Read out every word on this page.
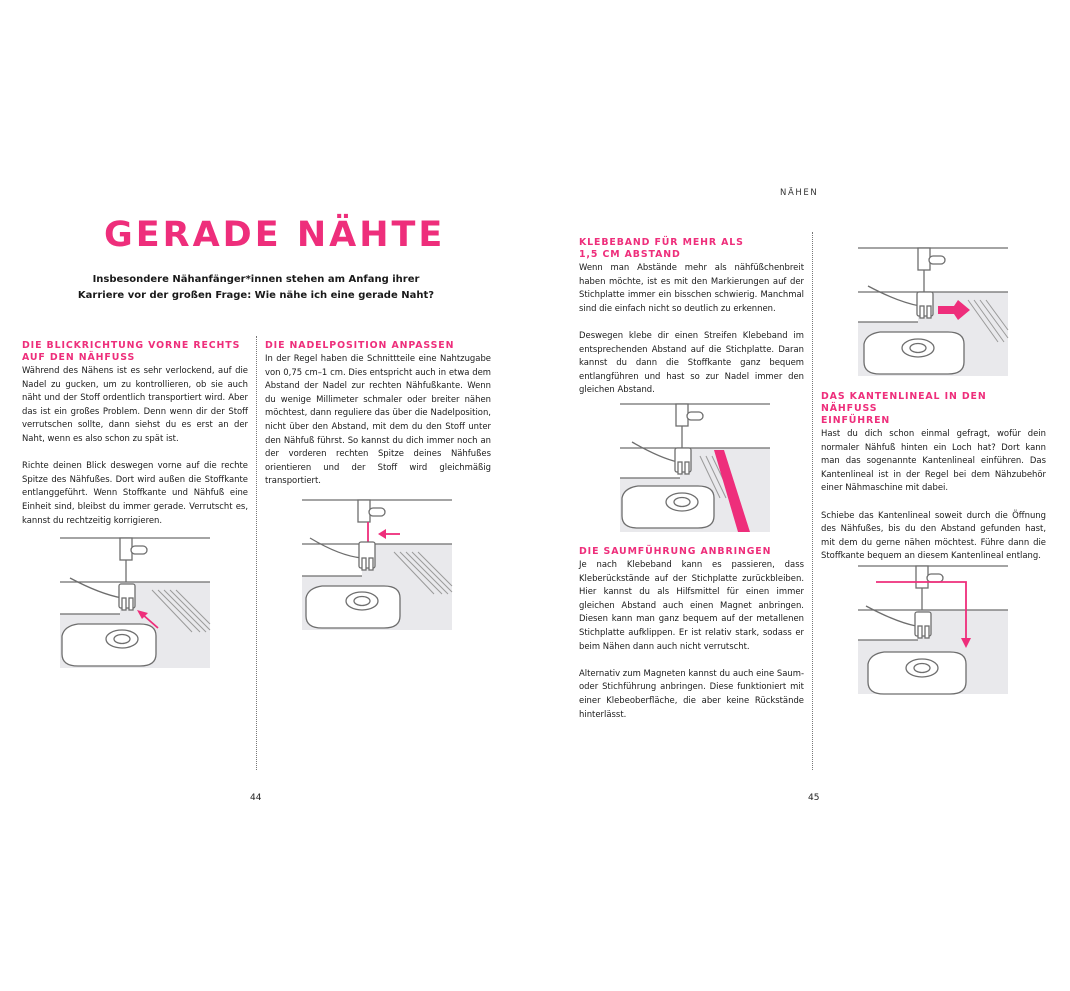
GERADE NÄHTE
Insbesondere Nähanfänger*innen stehen am Anfang ihrer Karriere vor der großen Frage: Wie nähe ich eine gerade Naht?
DIE BLICKRICHTUNG VORNE RECHTS
AUF DEN NÄHFUSS

Während des Nähens ist es sehr verlockend, auf die Nadel zu gucken, um zu kontrollieren, ob sie auch näht und der Stoff ordentlich transportiert wird. Aber das ist ein großes Problem. Denn wenn dir der Stoff verrutschen sollte, dann siehst du es erst an der Naht, wenn es also schon zu spät ist.

Richte deinen Blick deswegen vorne auf die rechte Spitze des Nähfußes. Dort wird außen die Stoffkante entlanggeführt. Wenn Stoffkante und Nähfuß eine Einheit sind, bleibst du immer gerade. Verrutscht es, kannst du rechtzeitig korrigieren.

DIE NADELPOSITION ANPASSEN

In der Regel haben die Schnittteile eine Nahtzugabe von 0,75 cm–1 cm. Dies entspricht auch in etwa dem Abstand der Nadel zur rechten Nähfußkante. Wenn du wenige Millimeter schmaler oder breiter nähen möchtest, dann reguliere das über die Nadelposition, nicht über den Abstand, mit dem du den Stoff unter den Nähfuß führst. So kannst du dich immer noch an der vorderen rechten Spitze deines Nähfußes orientieren und der Stoff wird gleichmäßig transportiert.

44
NÄHEN
KLEBEBAND FÜR MEHR ALS
1,5 CM ABSTAND

Wenn man Abstände mehr als nähfüßchenbreit haben möchte, ist es mit den Markierungen auf der Stichplatte immer ein bisschen schwierig. Manchmal sind die einfach nicht so deutlich zu erkennen.

Deswegen klebe dir einen Streifen Klebeband im entsprechenden Abstand auf die Stichplatte. Daran kannst du dann die Stoffkante ganz bequem entlangführen und hast so zur Nadel immer den gleichen Abstand.

DIE SAUMFÜHRUNG ANBRINGEN

Je nach Klebeband kann es passieren, dass Kleberückstände auf der Stichplatte zurückbleiben. Hier kannst du als Hilfsmittel für einen immer gleichen Abstand auch einen Magnet anbringen. Diesen kann man ganz bequem auf der metallenen Stichplatte aufklippen. Er ist relativ stark, sodass er beim Nähen dann auch nicht verrutscht.

Alternativ zum Magneten kannst du auch eine Saum- oder Stichführung anbringen. Diese funktioniert mit einer Klebeoberfläche, die aber keine Rückstände hinterlässt.

DAS KANTENLINEAL IN DEN NÄHFUSS
EINFÜHREN

Hast du dich schon einmal gefragt, wofür dein normaler Nähfuß hinten ein Loch hat? Dort kann man das sogenannte Kantenlineal einführen. Das Kantenlineal ist in der Regel bei dem Nähzubehör einer Nähmaschine mit dabei.

Schiebe das Kantenlineal soweit durch die Öffnung des Nähfußes, bis du den Abstand gefunden hast, mit dem du gerne nähen möchtest. Führe dann die Stoffkante bequem an diesem Kantenlineal entlang.

45
